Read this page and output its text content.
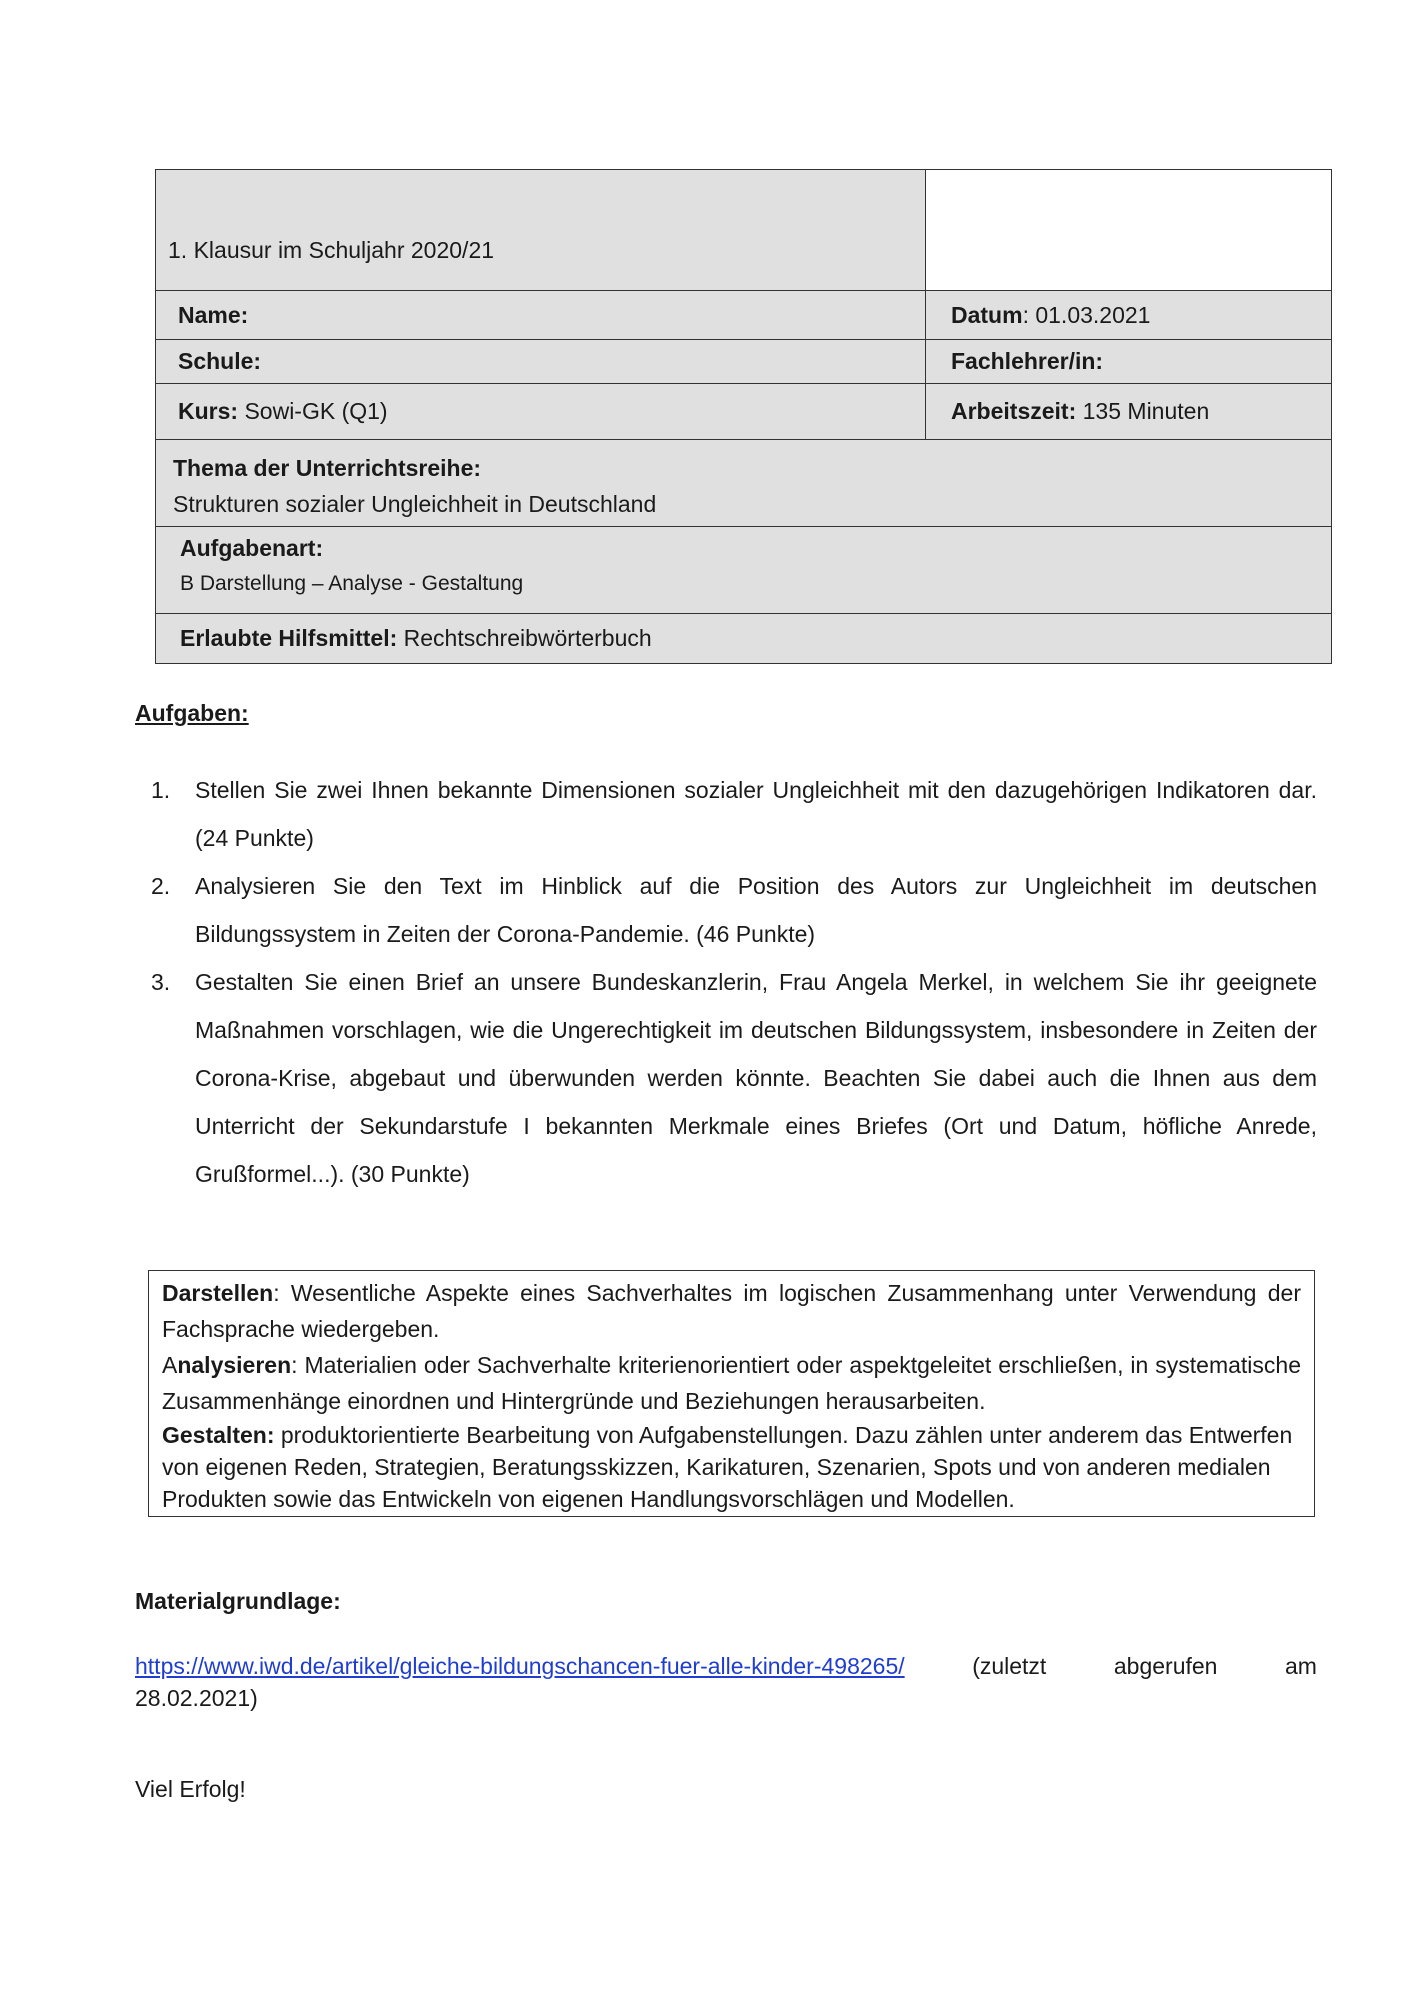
1. Klausur im Schuljahr 2020/21
Name:	Datum : 01.03.2021
Schule:	Fachlehrer/in:
Kurs: Sowi-GK (Q1)	Arbeitszeit: 135 Minuten
Thema der Unterrichtsreihe:
Strukturen sozialer Ungleichheit in Deutschland
Aufgabenart:
B Darstellung – Analyse - Gestaltung
Erlaubte Hilfsmittel: Rechtschreibwörterbuch
Aufgaben:
1.	Stellen Sie zwei Ihnen bekannte Dimensionen sozialer Ungleichheit mit den dazugehörigen Indikatoren dar. (24 Punkte)
2.	Analysieren Sie den Text im Hinblick auf die Position des Autors zur Ungleichheit im deutschen Bildungssystem in Zeiten der Corona-Pandemie. (46 Punkte)
3.	Gestalten Sie einen Brief an unsere Bundeskanzlerin, Frau Angela Merkel, in welchem Sie ihr geeignete Maßnahmen vorschlagen, wie die Ungerechtigkeit im deutschen Bildungssystem, insbesondere in Zeiten der Corona-Krise, abgebaut und überwunden werden könnte. Beachten Sie dabei auch die Ihnen aus dem Unterricht der Sekundarstufe I bekannten Merkmale eines Briefes (Ort und Datum, höfliche Anrede, Grußformel...). (30 Punkte)
Darstellen: Wesentliche Aspekte eines Sachverhaltes im logischen Zusammenhang unter Verwendung der Fachsprache wiedergeben.
Analysieren: Materialien oder Sachverhalte kriterienorientiert oder aspektgeleitet erschließen, in systematische Zusammenhänge einordnen und Hintergründe und Beziehungen herausarbeiten.
Gestalten: produktorientierte Bearbeitung von Aufgabenstellungen. Dazu zählen unter anderem das Entwerfen von eigenen Reden, Strategien, Beratungsskizzen, Karikaturen, Szenarien, Spots und von anderen medialen Produkten sowie das Entwickeln von eigenen Handlungsvorschlägen und Modellen.
Materialgrundlage:
https://www.iwd.de/artikel/gleiche-bildungschancen-fuer-alle-kinder-498265/	(zuletzt	abgerufen	am
28.02.2021)
Viel Erfolg!
